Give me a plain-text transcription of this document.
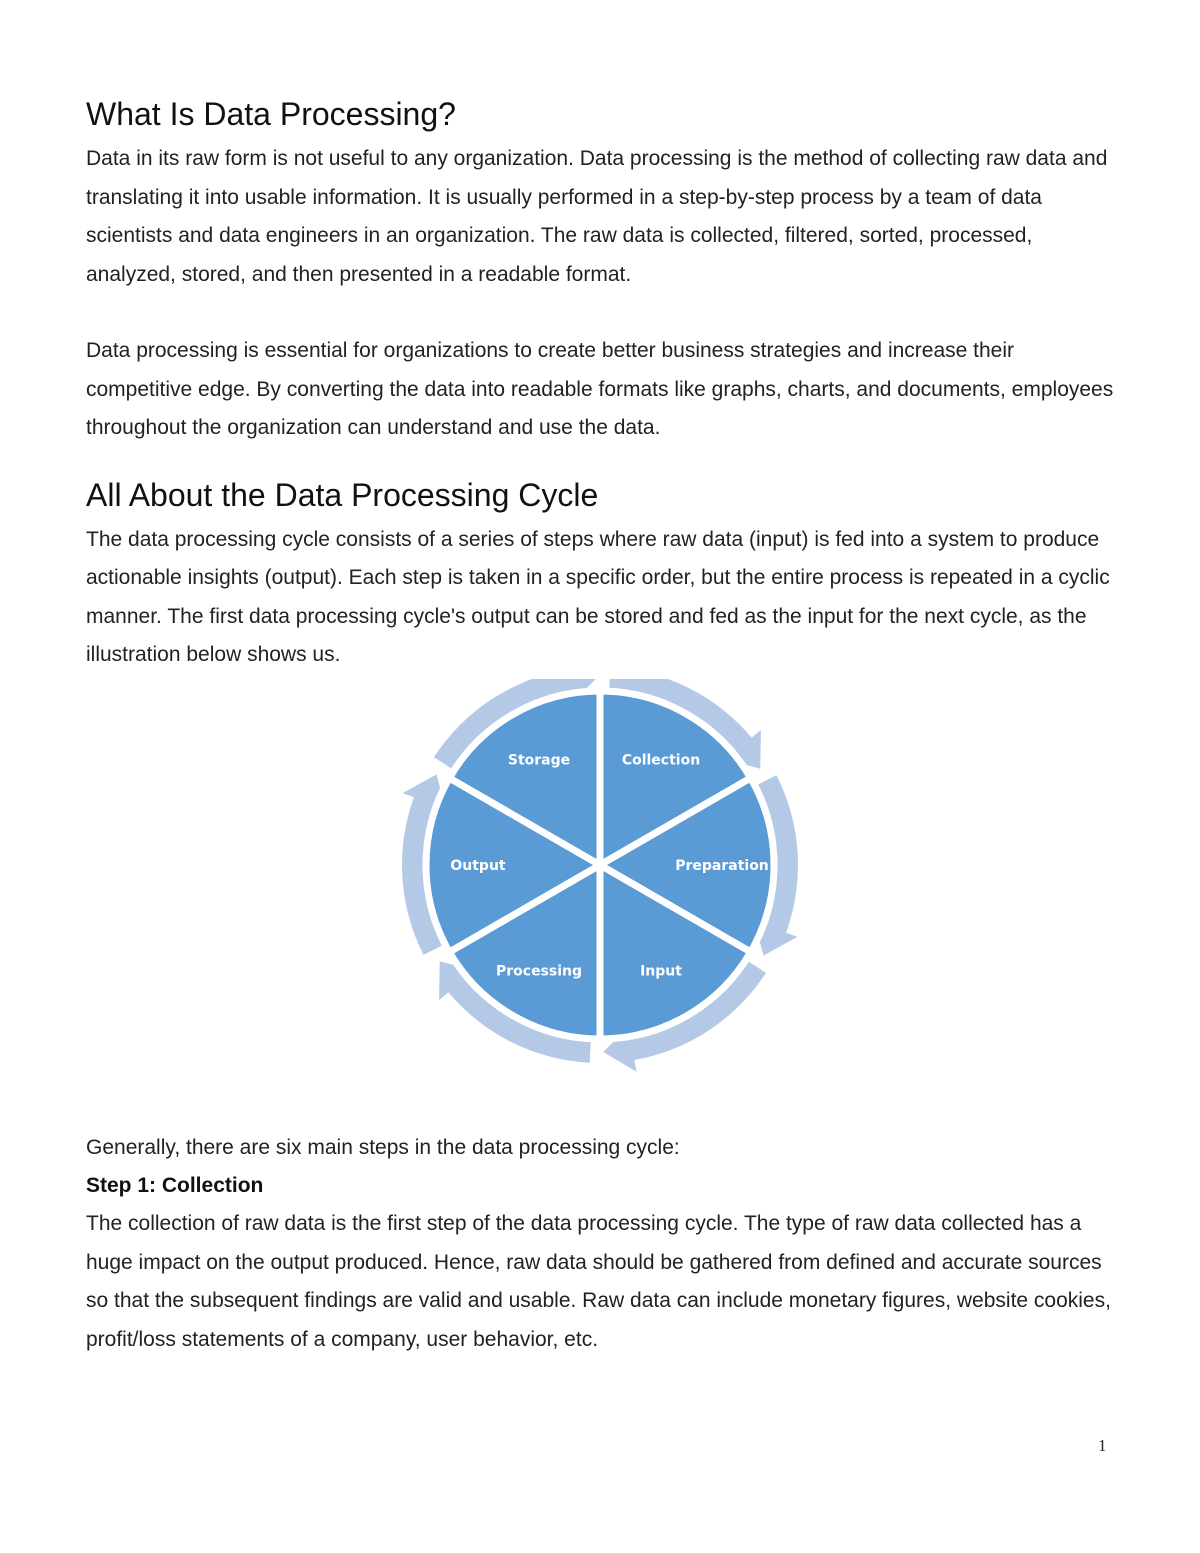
What Is Data Processing?

Data in its raw form is not useful to any organization. Data processing is the method of collecting raw data and translating it into usable information. It is usually performed in a step-by-step process by a team of data scientists and data engineers in an organization. The raw data is collected, filtered, sorted, processed, analyzed, stored, and then presented in a readable format.

Data processing is essential for organizations to create better business strategies and increase their competitive edge. By converting the data into readable formats like graphs, charts, and documents, employees throughout the organization can understand and use the data.

All About the Data Processing Cycle

The data processing cycle consists of a series of steps where raw data (input) is fed into a system to produce actionable insights (output). Each step is taken in a specific order, but the entire process is repeated in a cyclic manner. The first data processing cycle's output can be stored and fed as the input for the next cycle, as the illustration below shows us.

Collection
Preparation
Input
Processing
Output
Storage

Generally, there are six main steps in the data processing cycle:

Step 1: Collection

The collection of raw data is the first step of the data processing cycle. The type of raw data collected has a huge impact on the output produced. Hence, raw data should be gathered from defined and accurate sources so that the subsequent findings are valid and usable. Raw data can include monetary figures, website cookies, profit/loss statements of a company, user behavior, etc.

1
